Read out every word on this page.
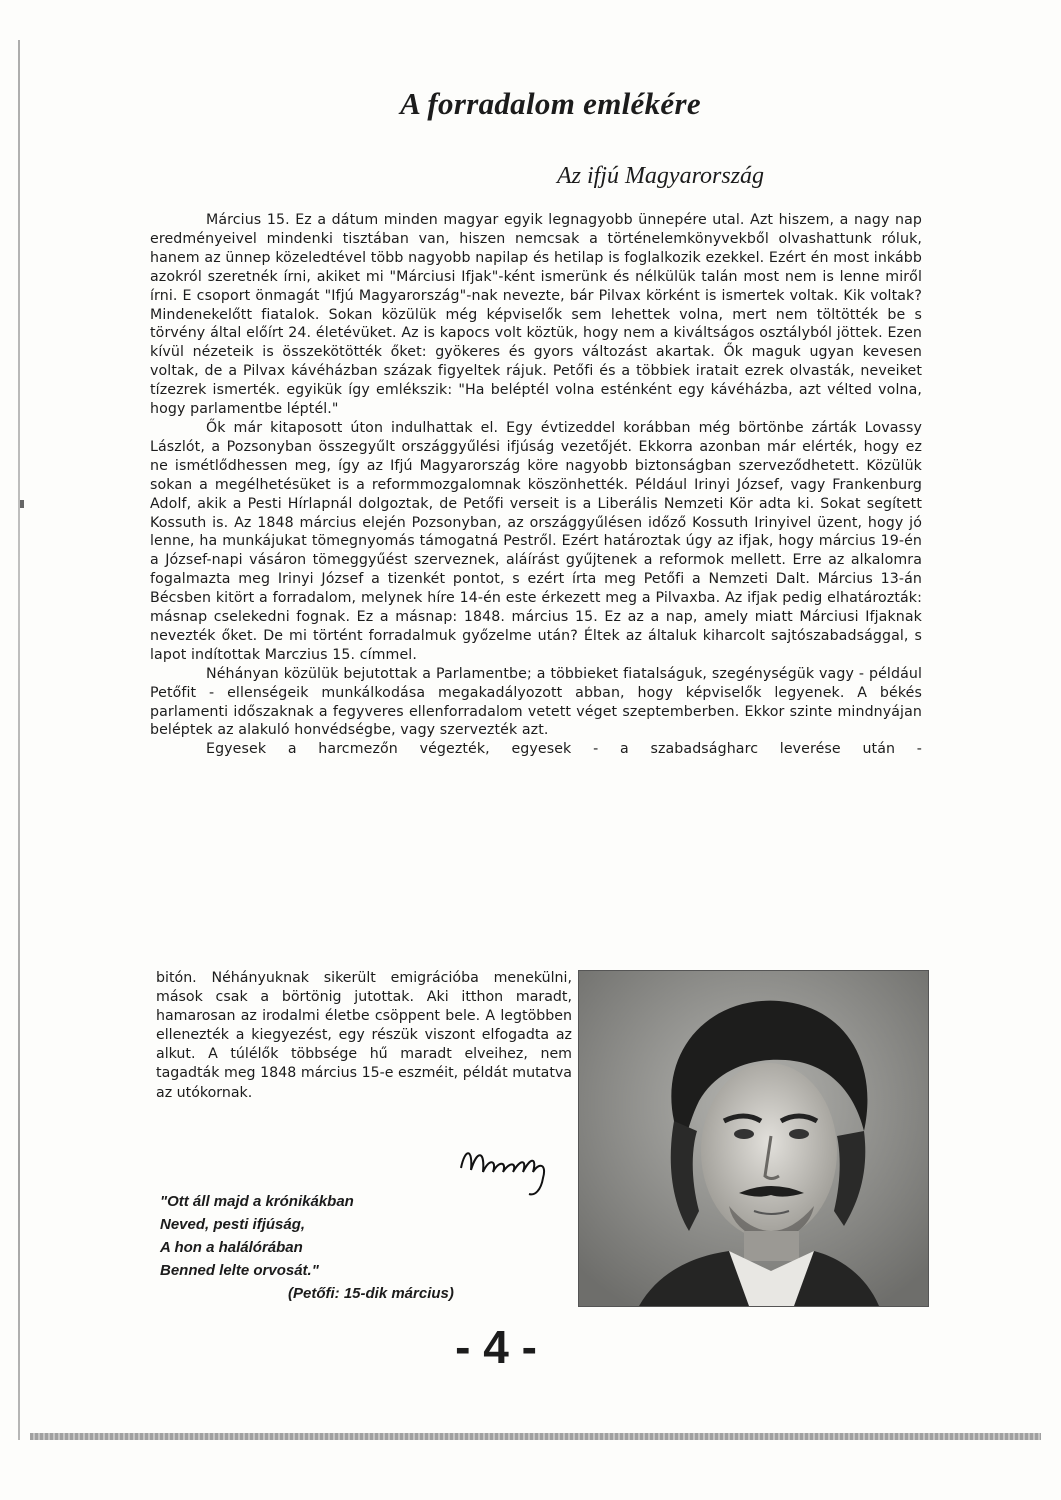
A forradalom emlékére
Az ifjú Magyarország

Március 15. Ez a dátum minden magyar egyik legnagyobb ünnepére utal. Azt hiszem, a nagy nap eredményeivel mindenki tisztában van, hiszen nemcsak a történelemkönyvekből olvashattunk róluk, hanem az ünnep közeledtével több nagyobb napilap és hetilap is foglalkozik ezekkel. Ezért én most inkább azokról szeretnék írni, akiket mi "Márciusi Ifjak"-ként ismerünk és nélkülük talán most nem is lenne miről írni. E csoport önmagát "Ifjú Magyarország"-nak nevezte, bár Pilvax körként is ismertek voltak. Kik voltak? Mindenekelőtt fiatalok. Sokan közülük még képviselők sem lehettek volna, mert nem töltötték be s törvény által előírt 24. életévüket. Az is kapocs volt köztük, hogy nem a kiváltságos osztályból jöttek. Ezen kívül nézeteik is összekötötték őket: gyökeres és gyors változást akartak. Ők maguk ugyan kevesen voltak, de a Pilvax kávéházban százak figyeltek rájuk. Petőfi és a többiek iratait ezrek olvasták, neveiket tízezrek ismerték. egyikük így emlékszik: "Ha beléptél volna esténként egy kávéházba, azt vélted volna, hogy parlamentbe léptél."

Ők már kitaposott úton indulhattak el. Egy évtizeddel korábban még börtönbe zárták Lovassy Lászlót, a Pozsonyban összegyűlt országgyűlési ifjúság vezetőjét. Ekkorra azonban már elérték, hogy ez ne ismétlődhessen meg, így az Ifjú Magyarország köre nagyobb biztonságban szerveződhetett. Közülük sokan a megélhetésüket is a reformmozgalomnak köszönhették. Például Irinyi József, vagy Frankenburg Adolf, akik a Pesti Hírlapnál dolgoztak, de Petőfi verseit is a Liberális Nemzeti Kör adta ki. Sokat segített Kossuth is. Az 1848 március elején Pozsonyban, az országgyűlésen időző Kossuth Irinyivel üzent, hogy jó lenne, ha munkájukat tömegnyomás támogatná Pestről. Ezért határoztak úgy az ifjak, hogy március 19-én a József-napi vásáron tömeggyűést szerveznek, aláírást gyűjtenek a reformok mellett. Erre az alkalomra fogalmazta meg Irinyi József a tizenkét pontot, s ezért írta meg Petőfi a Nemzeti Dalt. Március 13-án Bécsben kitört a forradalom, melynek híre 14-én este érkezett meg a Pilvaxba. Az ifjak pedig elhatározták: másnap cselekedni fognak. Ez a másnap: 1848. március 15. Ez az a nap, amely miatt Márciusi Ifjaknak nevezték őket. De mi történt forradalmuk győzelme után? Éltek az általuk kiharcolt sajtószabadsággal, s lapot indítottak Marczius 15. címmel.

Néhányan közülük bejutottak a Parlamentbe; a többieket fiatalságuk, szegénységük vagy - például Petőfit - ellenségeik munkálkodása megakadályozott abban, hogy képviselők legyenek. A békés parlamenti időszaknak a fegyveres ellenforradalom vetett véget szeptemberben. Ekkor szinte mindnyájan beléptek az alakuló honvédségbe, vagy szervezték azt.

Egyesek a harcmezőn végezték, egyesek - a szabadságharc leverése után -

bitón. Néhányuknak sikerült emigrációba menekülni, mások csak a börtönig jutottak. Aki itthon maradt, hamarosan az irodalmi életbe csöppent bele. A legtöbben ellenezték a kiegyezést, egy részük viszont elfogadta az alkut. A túlélők többsége hű maradt elveihez, nem tagadták meg 1848 március 15-e eszméit, példát mutatva az utókornak.
"Ott áll majd a krónikákban
Neved, pesti ifjúság,
A hon a halálórában
Benned lelte orvosát."
(Petőfi: 15-dik március)
- 4 -
